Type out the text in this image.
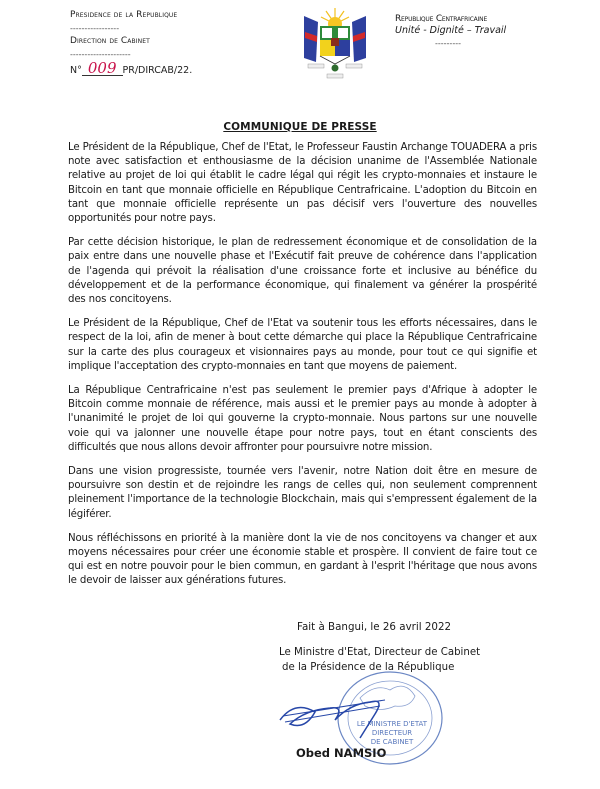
Presidence de la Republique
-----------------
Direction de Cabinet
---------------------
N° 009 PR/DIRCAB/22.
Republique Centrafricaine
Unité - Dignité – Travail
---------
COMMUNIQUE DE PRESSE

Le Président de la République, Chef de l'Etat, le Professeur Faustin Archange TOUADERA a pris note avec satisfaction et enthousiasme de la décision unanime de l'Assemblée Nationale relative au projet de loi qui établit le cadre légal qui régit les crypto-monnaies et instaure le Bitcoin en tant que monnaie officielle en République Centrafricaine. L'adoption du Bitcoin en tant que monnaie officielle représente un pas décisif vers l'ouverture des nouvelles opportunités pour notre pays.

Par cette décision historique, le plan de redressement économique et de consolidation de la paix entre dans une nouvelle phase et l'Exécutif fait preuve de cohérence dans l'application de l'agenda qui prévoit la réalisation d'une croissance forte et inclusive au bénéfice du développement et de la performance économique, qui finalement va générer la prospérité des nos concitoyens.

Le Président de la République, Chef de l'Etat va soutenir tous les efforts nécessaires, dans le respect de la loi, afin de mener à bout cette démarche qui place la République Centrafricaine sur la carte des plus courageux et visionnaires pays au monde, pour tout ce qui signifie et implique l'acceptation des crypto-monnaies en tant que moyens de paiement.

La République Centrafricaine n'est pas seulement le premier pays d'Afrique à adopter le Bitcoin comme monnaie de référence, mais aussi et le premier pays au monde à adopter à l'unanimité le projet de loi qui gouverne la crypto-monnaie. Nous partons sur une nouvelle voie qui va jalonner une nouvelle étape pour notre pays, tout en étant conscients des difficultés que nous allons devoir affronter pour poursuivre notre mission.

Dans une vision progressiste, tournée vers l'avenir, notre Nation doit être en mesure de poursuivre son destin et de rejoindre les rangs de celles qui, non seulement comprennent pleinement l'importance de la technologie Blockchain, mais qui s'empressent également de la légiférer.

Nous réfléchissons en priorité à la manière dont la vie de nos concitoyens va changer et aux moyens nécessaires pour créer une économie stable et prospère. Il convient de faire tout ce qui est en notre pouvoir pour le bien commun, en gardant à l'esprit l'héritage que nous avons le devoir de laisser aux générations futures.

Fait à Bangui, le 26 avril 2022
Le Ministre d'Etat, Directeur de Cabinet
de la Présidence de la République
LE MINISTRE D'ETAT
DIRECTEUR
DE CABINET
Obed NAMSIO
